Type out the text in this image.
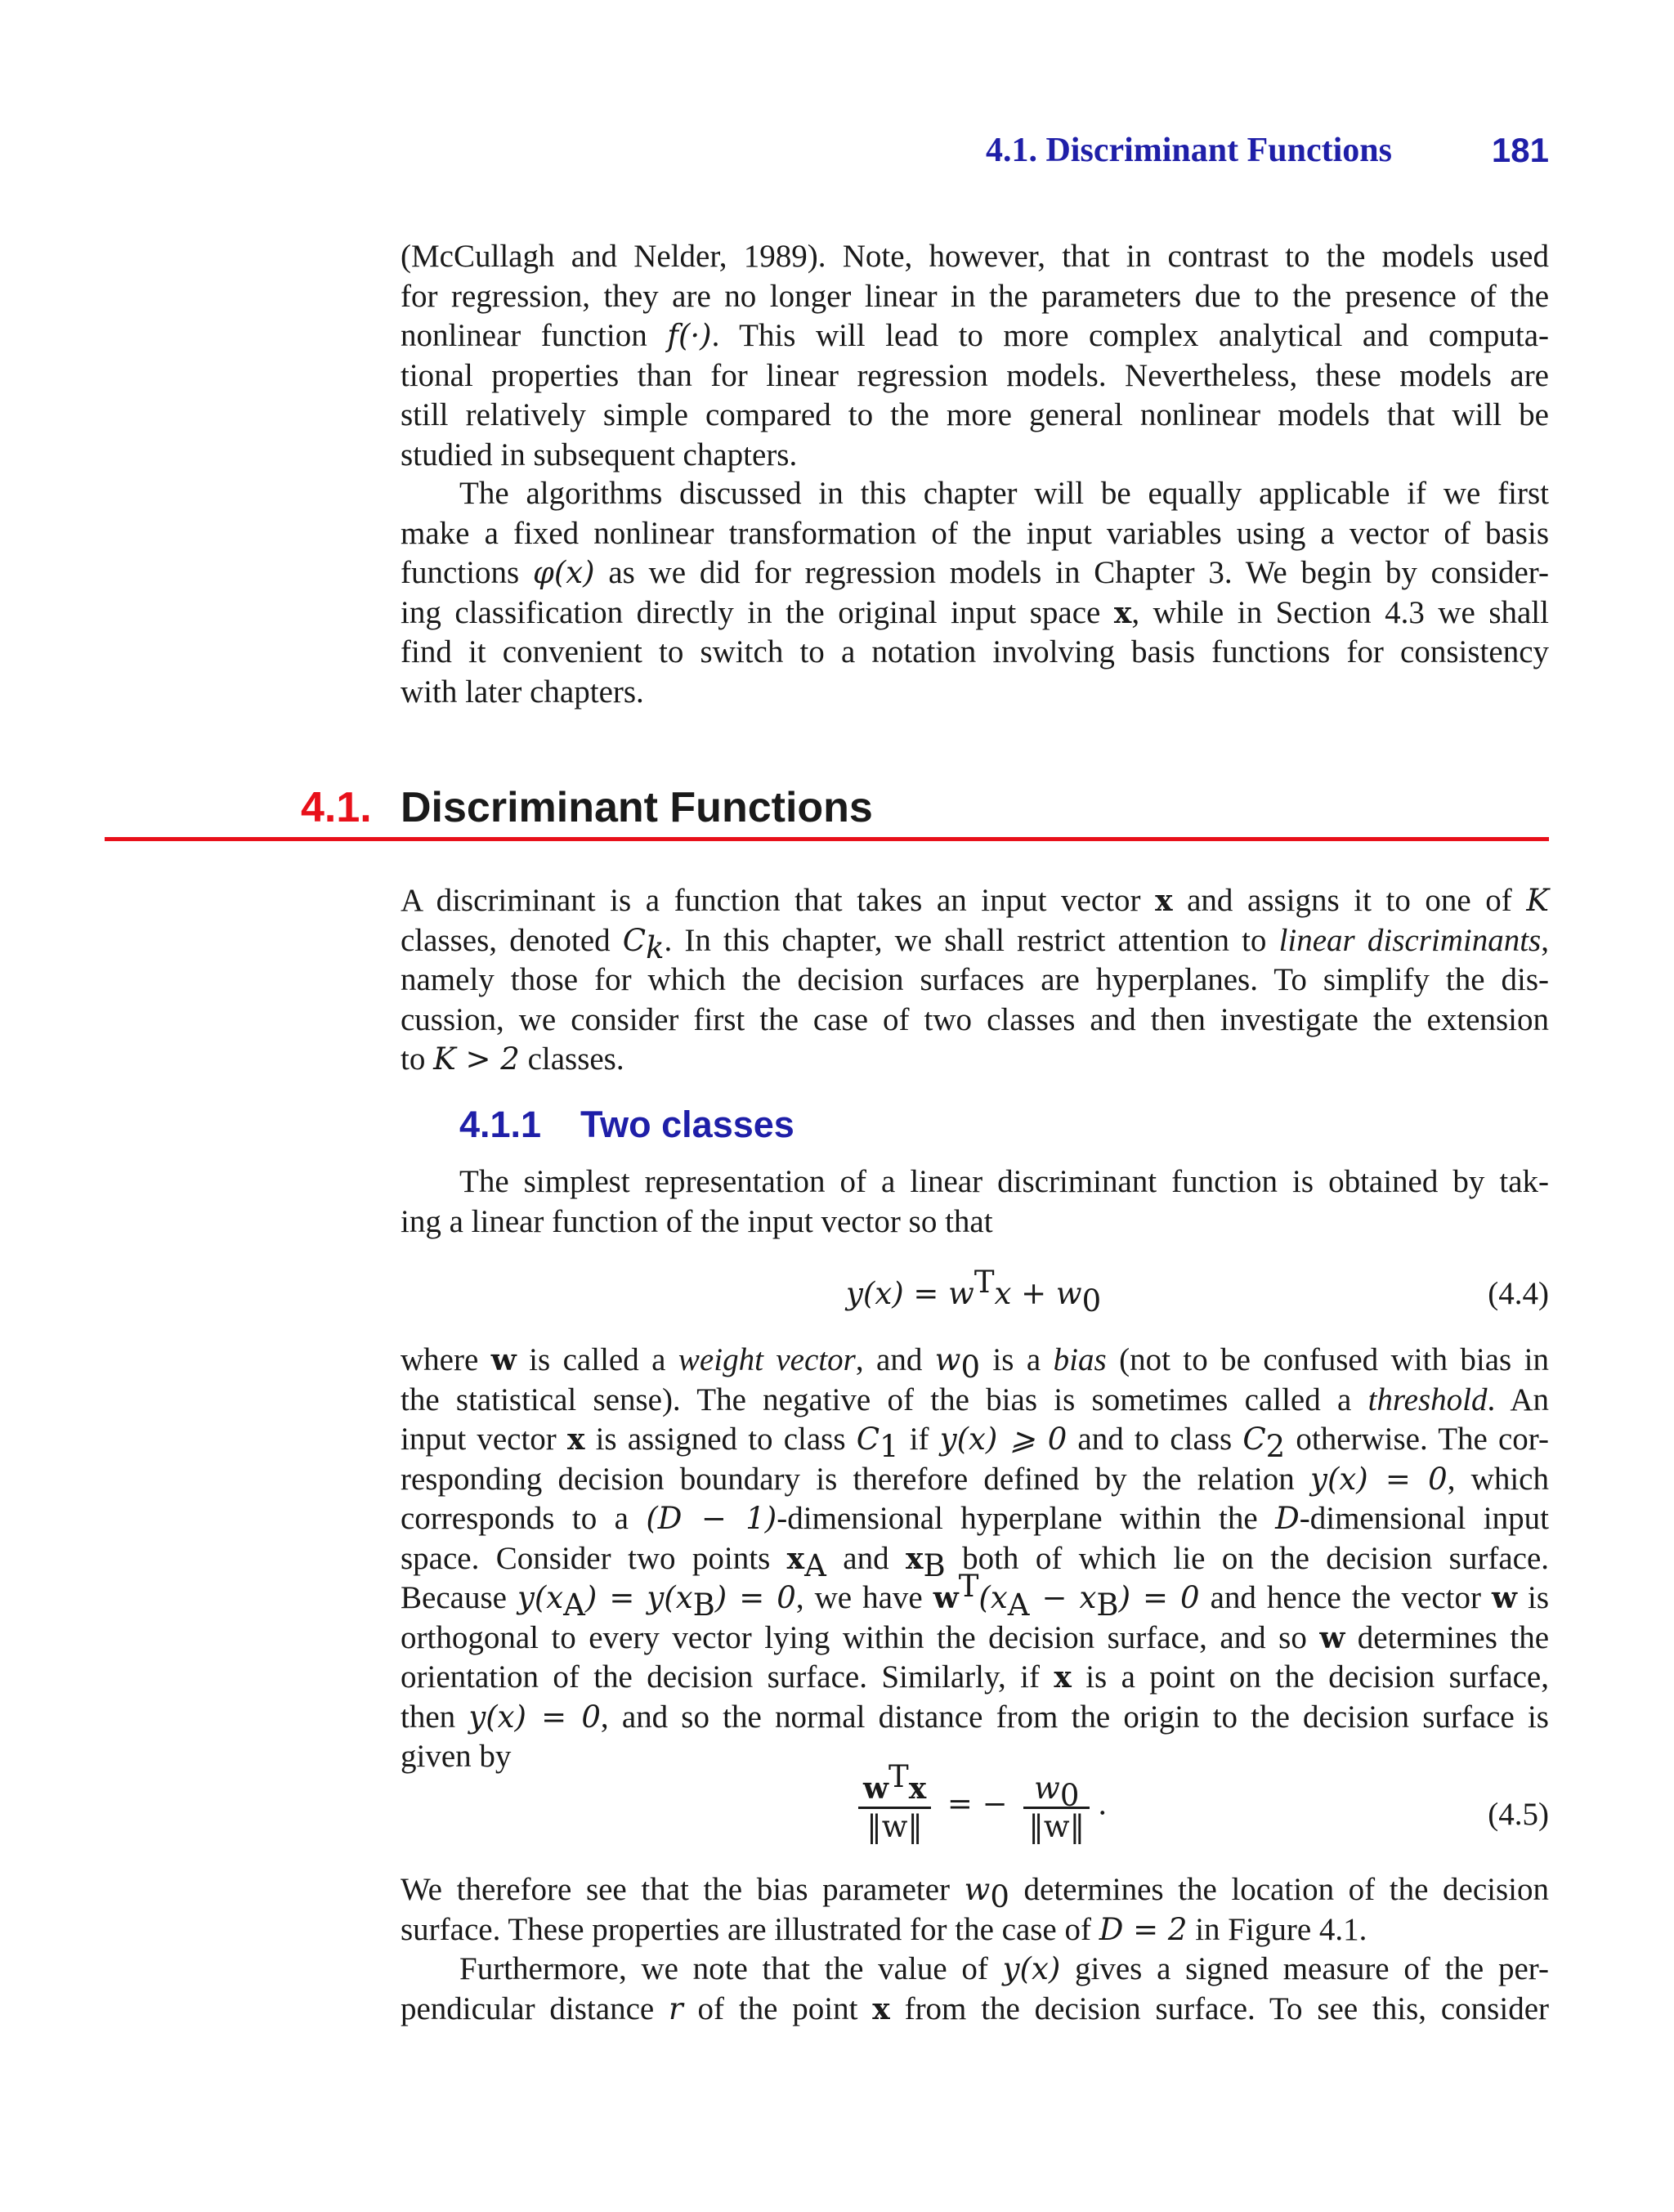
4.1. Discriminant Functions	181

(McCullagh and Nelder, 1989). Note, however, that in contrast to the models used
for regression, they are no longer linear in the parameters due to the presence of the
nonlinear function f(·). This will lead to more complex analytical and computa-
tional properties than for linear regression models. Nevertheless, these models are
still relatively simple compared to the more general nonlinear models that will be
studied in subsequent chapters.

The algorithms discussed in this chapter will be equally applicable if we first
make a fixed nonlinear transformation of the input variables using a vector of basis
functions φ(x) as we did for regression models in Chapter 3. We begin by consider-
ing classification directly in the original input space x, while in Section 4.3 we shall
find it convenient to switch to a notation involving basis functions for consistency
with later chapters.

4.1. Discriminant Functions

A discriminant is a function that takes an input vector x and assigns it to one of K
classes, denoted $C_k$. In this chapter, we shall restrict attention to linear discriminants,
namely those for which the decision surfaces are hyperplanes. To simplify the dis-
cussion, we consider first the case of two classes and then investigate the extension
to K > 2 classes.

4.1.1 Two classes

The simplest representation of a linear discriminant function is obtained by tak-
ing a linear function of the input vector so that

$y(x) = w^Tx + w_0$	(4.4)

where w is called a weight vector, and $w_0$ is a bias (not to be confused with bias in
the statistical sense). The negative of the bias is sometimes called a threshold. An
input vector x is assigned to class $C_1$ if y(x) ⩾ 0 and to class $C_2$ otherwise. The cor-
responding decision boundary is therefore defined by the relation y(x) = 0, which
corresponds to a (D − 1)-dimensional hyperplane within the D-dimensional input
space. Consider two points $x_A$ and $x_B$ both of which lie on the decision surface.
Because $y(x_A) = y(x_B) = 0$, we have $w^T(x_A - x_B) = 0$ and hence the vector w is
orthogonal to every vector lying within the decision surface, and so w determines the
orientation of the decision surface. Similarly, if x is a point on the decision surface,
then y(x) = 0, and so the normal distance from the origin to the decision surface is
given by

$\frac{w^Tx}{‖w‖}$ = − $\frac{w_0}{‖w‖}$ .	(4.5)

We therefore see that the bias parameter $w_0$ determines the location of the decision
surface. These properties are illustrated for the case of D = 2 in Figure 4.1.

Furthermore, we note that the value of y(x) gives a signed measure of the per-
pendicular distance r of the point x from the decision surface. To see this, consider
